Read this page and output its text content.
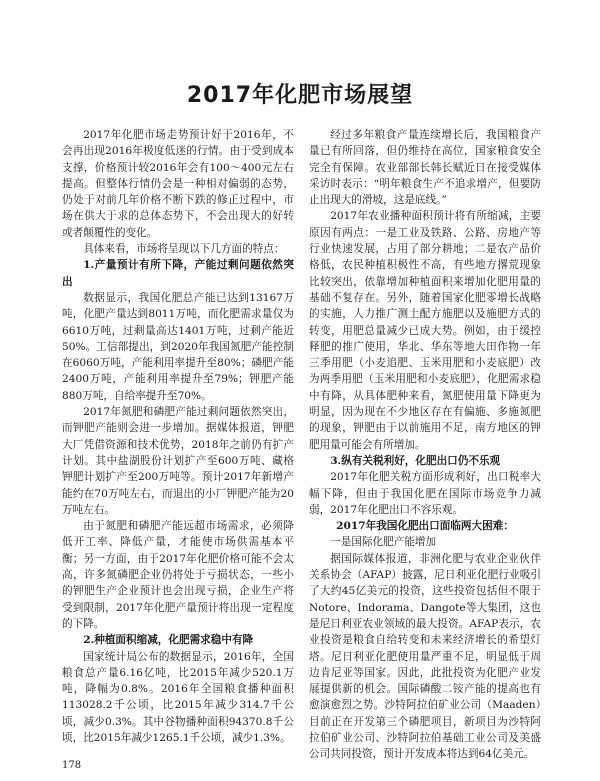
2017年化肥市场展望

2017年化肥市场走势预计好于2016年，不会再出现2016年极度低迷的行情。由于受到成本支撑，价格预计较2016年会有100～400元左右提高。但整体行情仍会是一种相对偏弱的态势，仍处于对前几年价格不断下跌的修正过程中，市场在供大于求的总体态势下，不会出现大的好转或者颠覆性的变化。

具体来看，市场将呈现以下几方面的特点：

1.产量预计有所下降，产能过剩问题依然突出

数据显示，我国化肥总产能已达到13167万吨，化肥产量达到8011万吨，而化肥需求量仅为6610万吨，过剩量高达1401万吨，过剩产能近50%。工信部提出，到2020年我国氮肥产能控制在6060万吨，产能利用率提升至80%；磷肥产能2400万吨，产能利用率提升至79%；钾肥产能880万吨，自给率提升至70%。

2017年氮肥和磷肥产能过剩问题依然突出，而钾肥产能则会进一步增加。据媒体报道，钾肥大厂凭借资源和技术优势，2018年之前仍有扩产计划。其中盐湖股份计划扩产至600万吨、藏格钾肥计划扩产至200万吨等。预计2017年新增产能约在70万吨左右，而退出的小厂钾肥产能为20万吨左右。

由于氮肥和磷肥产能远超市场需求，必须降低开工率、降低产量，才能使市场供需基本平衡；另一方面，由于2017年化肥价格可能不会太高，许多氮磷肥企业仍将处于亏损状态，一些小的钾肥生产企业预计也会出现亏损，企业生产将受到限制，2017年化肥产量预计将出现一定程度的下降。

2.种植面积缩减，化肥需求稳中有降

国家统计局公布的数据显示，2016年，全国粮食总产量6.16亿吨，比2015年减少520.1万吨，降幅为0.8%。2016年全国粮食播种面积113028.2千公顷，比2015年减少314.7千公顷，减少0.3%。其中谷物播种面积94370.8千公顷，比2015年减少1265.1千公顷，减少1.3%。

经过多年粮食产量连续增长后，我国粮食产量已有所回落，但仍维持在高位，国家粮食安全完全有保障。农业部部长韩长赋近日在接受媒体采访时表示：“明年粮食生产不追求增产，但要防止出现大的滑坡，这是底线。”

2017年农业播种面积预计将有所缩减，主要原因有两点：一是工业及铁路、公路、房地产等行业快速发展，占用了部分耕地；二是农产品价格低，农民种植积极性不高，有些地方撂荒现象比较突出，依靠增加种植面积来增加化肥用量的基础不复存在。另外，随着国家化肥零增长战略的实施，人力推广测土配方施肥以及施肥方式的转变，用肥总量减少已成大势。例如，由于缓控释肥的推广使用，华北、华东等地大田作物一年三季用肥（小麦追肥、玉米用肥和小麦底肥）改为两季用肥（玉米用肥和小麦底肥），化肥需求稳中有降，从具体肥种来看，氮肥使用量下降更为明显，因为现在不少地区存在有偏施、多施氮肥的现象，钾肥由于以前施用不足，南方地区的钾肥用量可能会有所增加。

3.纵有关税利好，化肥出口仍不乐观

2017年化肥关税方面形成利好，出口税率大幅下降，但由于我国化肥在国际市场竞争力减弱，2017年化肥出口不容乐观。

2017年我国化肥出口面临两大困难：

一是国际化肥产能增加

据国际媒体报道，非洲化肥与农业企业伙伴关系协会（AFAP）披露，尼日利亚化肥行业吸引了大约45亿美元的投资，这些投资包括但不限于Notore、Indorama、Dangote等大集团，这也是尼日利亚农业领域的最大投资。AFAP表示，农业投资是粮食自给转变和未来经济增长的希望灯塔。尼日利亚化肥使用量严重不足，明显低于周边肯尼亚等国家。因此，此批投资为化肥产业发展提供新的机会。国际磷酸二铵产能的提高也有愈演愈烈之势。沙特阿拉伯矿业公司（Maaden）目前正在开发第三个磷肥项目，新项目为沙特阿拉伯矿业公司、沙特阿拉伯基础工业公司及美盛公司共同投资，预计开发成本将达到64亿美元。

178
